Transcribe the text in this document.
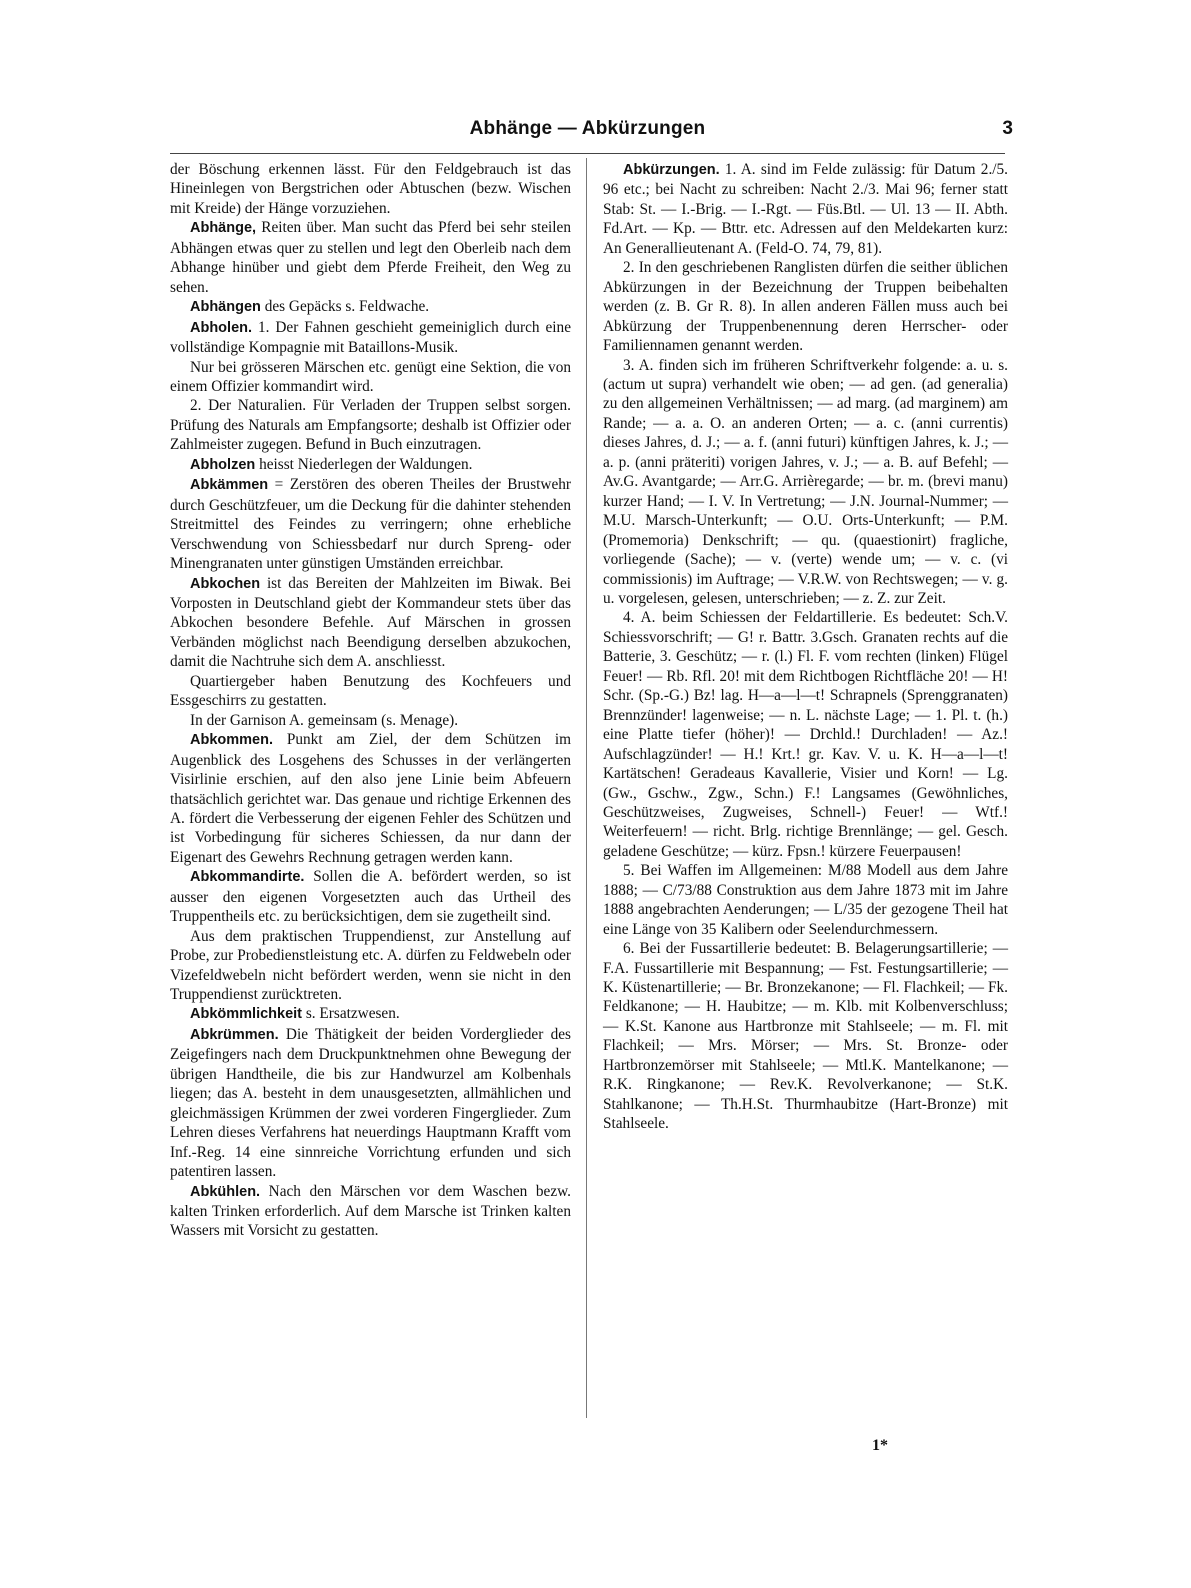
Abhänge — Abkürzungen	3

der Böschung erkennen lässt. Für den Feldgebrauch ist das Hineinlegen von Bergstrichen oder Abtuschen (bezw. Wischen mit Kreide) der Hänge vorzuziehen.

Abhänge, Reiten über. Man sucht das Pferd bei sehr steilen Abhängen etwas quer zu stellen und legt den Oberleib nach dem Abhange hinüber und giebt dem Pferde Freiheit, den Weg zu sehen.

Abhängen des Gepäcks s. Feldwache.

Abholen. 1. Der Fahnen geschieht gemeiniglich durch eine vollständige Kompagnie mit Bataillons-Musik.

Nur bei grösseren Märschen etc. genügt eine Sektion, die von einem Offizier kommandirt wird.

2. Der Naturalien. Für Verladen der Truppen selbst sorgen. Prüfung des Naturals am Empfangsorte; deshalb ist Offizier oder Zahlmeister zugegen. Befund in Buch einzutragen.

Abholzen heisst Niederlegen der Waldungen.

Abkämmen = Zerstören des oberen Theiles der Brustwehr durch Geschützfeuer, um die Deckung für die dahinter stehenden Streitmittel des Feindes zu verringern; ohne erhebliche Verschwendung von Schiessbedarf nur durch Spreng- oder Minengranaten unter günstigen Umständen erreichbar.

Abkochen ist das Bereiten der Mahlzeiten im Biwak. Bei Vorposten in Deutschland giebt der Kommandeur stets über das Abkochen besondere Befehle. Auf Märschen in grossen Verbänden möglichst nach Beendigung derselben abzukochen, damit die Nachtruhe sich dem A. anschliesst.

Quartiergeber haben Benutzung des Kochfeuers und Essgeschirrs zu gestatten.

In der Garnison A. gemeinsam (s. Menage).

Abkommen. Punkt am Ziel, der dem Schützen im Augenblick des Losgehens des Schusses in der verlängerten Visirlinie erschien, auf den also jene Linie beim Abfeuern thatsächlich gerichtet war. Das genaue und richtige Erkennen des A. fördert die Verbesserung der eigenen Fehler des Schützen und ist Vorbedingung für sicheres Schiessen, da nur dann der Eigenart des Gewehrs Rechnung getragen werden kann.

Abkommandirte. Sollen die A. befördert werden, so ist ausser den eigenen Vorgesetzten auch das Urtheil des Truppentheils etc. zu berücksichtigen, dem sie zugetheilt sind.

Aus dem praktischen Truppendienst, zur Anstellung auf Probe, zur Probedienstleistung etc. A. dürfen zu Feldwebeln oder Vizefeldwebeln nicht befördert werden, wenn sie nicht in den Truppendienst zurücktreten.

Abkömmlichkeit s. Ersatzwesen.

Abkrümmen. Die Thätigkeit der beiden Vorderglieder des Zeigefingers nach dem Druckpunktnehmen ohne Bewegung der übrigen Handtheile, die bis zur Handwurzel am Kolbenhals liegen; das A. besteht in dem unausgesetzten, allmählichen und gleichmässigen Krümmen der zwei vorderen Fingerglieder. Zum Lehren dieses Verfahrens hat neuerdings Hauptmann Krafft vom Inf.-Reg. 14 eine sinnreiche Vorrichtung erfunden und sich patentiren lassen.

Abkühlen. Nach den Märschen vor dem Waschen bezw. kalten Trinken erforderlich. Auf dem Marsche ist Trinken kalten Wassers mit Vorsicht zu gestatten.

Abkürzungen. 1. A. sind im Felde zulässig: für Datum 2./5. 96 etc.; bei Nacht zu schreiben: Nacht 2./3. Mai 96; ferner statt Stab: St. — I.-Brig. — I.-Rgt. — Füs.Btl. — Ul. 13 — II. Abth. Fd.Art. — Kp. — Bttr. etc. Adressen auf den Meldekarten kurz: An Generallieutenant A. (Feld-O. 74, 79, 81).

2. In den geschriebenen Ranglisten dürfen die seither üblichen Abkürzungen in der Bezeichnung der Truppen beibehalten werden (z. B. Gr R. 8). In allen anderen Fällen muss auch bei Abkürzung der Truppenbenennung deren Herrscher- oder Familiennamen genannt werden.

3. A. finden sich im früheren Schriftverkehr folgende: a. u. s. (actum ut supra) verhandelt wie oben; — ad gen. (ad generalia) zu den allgemeinen Verhältnissen; — ad marg. (ad marginem) am Rande; — a. a. O. an anderen Orten; — a. c. (anni currentis) dieses Jahres, d. J.; — a. f. (anni futuri) künftigen Jahres, k. J.; — a. p. (anni präteriti) vorigen Jahres, v. J.; — a. B. auf Befehl; — Av.G. Avantgarde; — Arr.G. Arrièregarde; — br. m. (brevi manu) kurzer Hand; — I. V. In Vertretung; — J.N. Journal-Nummer; — M.U. Marsch-Unterkunft; — O.U. Orts-Unterkunft; — P.M. (Promemoria) Denkschrift; — qu. (quaestionirt) fragliche, vorliegende (Sache); — v. (verte) wende um; — v. c. (vi commissionis) im Auftrage; — V.R.W. von Rechtswegen; — v. g. u. vorgelesen, gelesen, unterschrieben; — z. Z. zur Zeit.

4. A. beim Schiessen der Feldartillerie. Es bedeutet: Sch.V. Schiessvorschrift; — G! r. Battr. 3.Gsch. Granaten rechts auf die Batterie, 3. Geschütz; — r. (l.) Fl. F. vom rechten (linken) Flügel Feuer! — Rb. Rfl. 20! mit dem Richtbogen Richtfläche 20! — H! Schr. (Sp.-G.) Bz! lag. H—a—l—t! Schrapnels (Sprenggranaten) Brennzünder! lagenweise; — n. L. nächste Lage; — 1. Pl. t. (h.) eine Platte tiefer (höher)! — Drchld.! Durchladen! — Az.! Aufschlagzünder! — H.! Krt.! gr. Kav. V. u. K. H—a—l—t! Kartätschen! Geradeaus Kavallerie, Visier und Korn! — Lg. (Gw., Gschw., Zgw., Schn.) F.! Langsames (Gewöhnliches, Geschützweises, Zugweises, Schnell-) Feuer! — Wtf.! Weiterfeuern! — richt. Brlg. richtige Brennlänge; — gel. Gesch. geladene Geschütze; — kürz. Fpsn.! kürzere Feuerpausen!

5. Bei Waffen im Allgemeinen: M/88 Modell aus dem Jahre 1888; — C/73/88 Construktion aus dem Jahre 1873 mit im Jahre 1888 angebrachten Aenderungen; — L/35 der gezogene Theil hat eine Länge von 35 Kalibern oder Seelendurchmessern.

6. Bei der Fussartillerie bedeutet: B. Belagerungsartillerie; — F.A. Fussartillerie mit Bespannung; — Fst. Festungsartillerie; — K. Küstenartillerie; — Br. Bronzekanone; — Fl. Flachkeil; — Fk. Feldkanone; — H. Haubitze; — m. Klb. mit Kolbenverschluss; — K.St. Kanone aus Hartbronze mit Stahlseele; — m. Fl. mit Flachkeil; — Mrs. Mörser; — Mrs. St. Bronze- oder Hartbronzemörser mit Stahlseele; — Mtl.K. Mantelkanone; — R.K. Ringkanone; — Rev.K. Revolverkanone; — St.K. Stahlkanone; — Th.H.St. Thurmhaubitze (Hart-Bronze) mit Stahlseele.

1*
